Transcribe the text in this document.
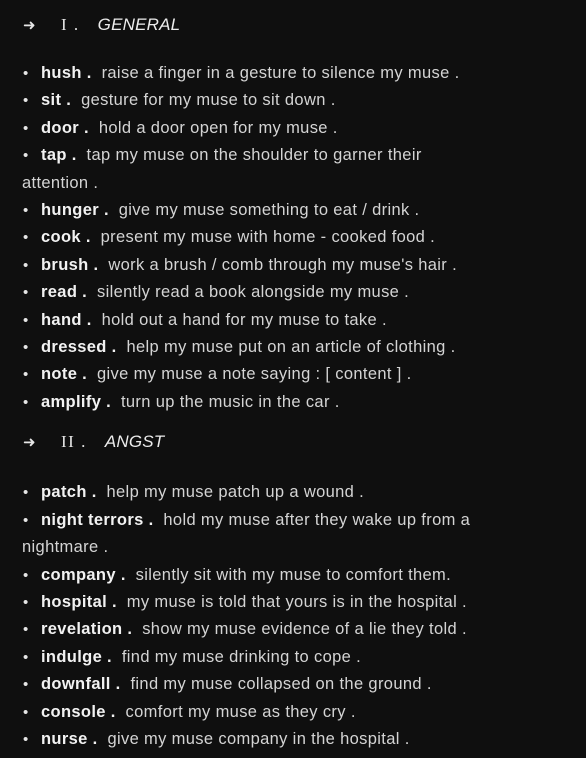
➜ I . GENERAL
• hush . raise a finger in a gesture to silence my muse .
• sit . gesture for my muse to sit down .
• door . hold a door open for my muse .
• tap . tap my muse on the shoulder to garner their
attention .
• hunger . give my muse something to eat / drink .
• cook . present my muse with home - cooked food .
• brush . work a brush / comb through my muse's hair .
• read . silently read a book alongside my muse .
• hand . hold out a hand for my muse to take .
• dressed . help my muse put on an article of clothing .
• note . give my muse a note saying : [ content ] .
• amplify . turn up the music in the car .
➜ II . ANGST
• patch . help my muse patch up a wound .
• night terrors . hold my muse after they wake up from a
nightmare .
• company . silently sit with my muse to comfort them.
• hospital . my muse is told that yours is in the hospital .
• revelation . show my muse evidence of a lie they told .
• indulge . find my muse drinking to cope .
• downfall . find my muse collapsed on the ground .
• console . comfort my muse as they cry .
• nurse . give my muse company in the hospital .
